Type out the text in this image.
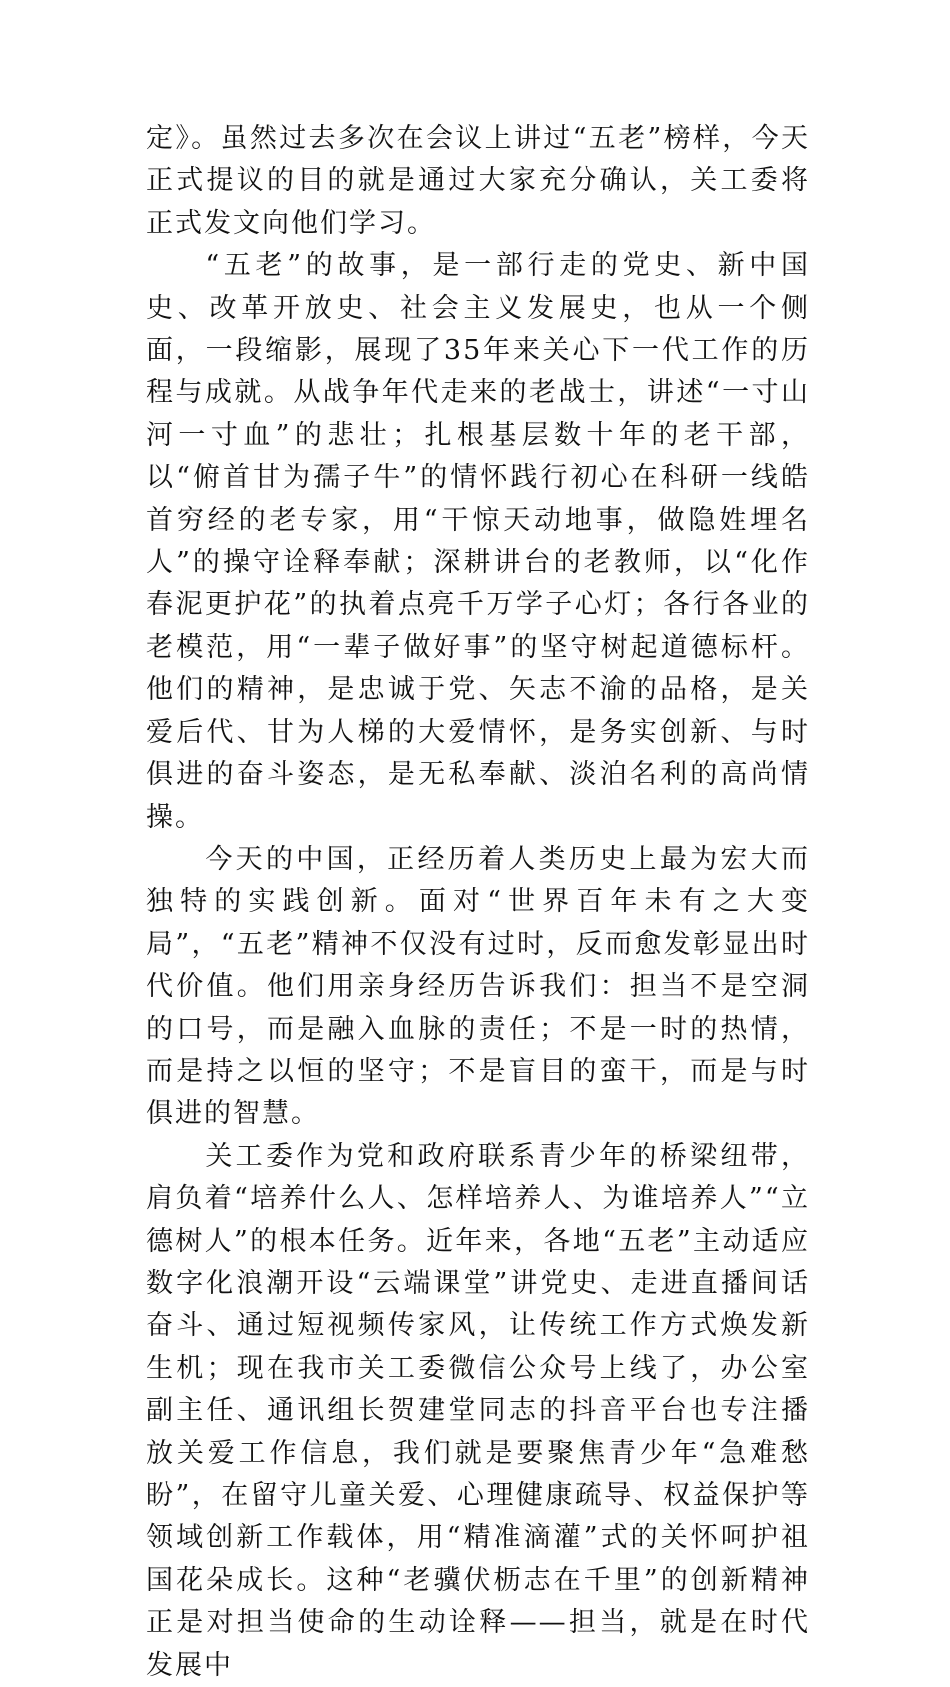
定》。虽然过去多次在会议上讲过“五老”榜样，今天正式提议的目的就是通过大家充分确认，关工委将正式发文向他们学习。

“五老”的故事，是一部行走的党史、新中国史、改革开放史、社会主义发展史，也从一个侧面，一段缩影，展现了35年来关心下一代工作的历程与成就。从战争年代走来的老战士，讲述“一寸山河一寸血”的悲壮；扎根基层数十年的老干部，以“俯首甘为孺子牛”的情怀践行初心在科研一线皓首穷经的老专家，用“干惊天动地事，做隐姓埋名人”的操守诠释奉献；深耕讲台的老教师，以“化作春泥更护花”的执着点亮千万学子心灯；各行各业的老模范，用“一辈子做好事”的坚守树起道德标杆。他们的精神，是忠诚于党、矢志不渝的品格，是关爱后代、甘为人梯的大爱情怀，是务实创新、与时俱进的奋斗姿态，是无私奉献、淡泊名利的高尚情操。

今天的中国，正经历着人类历史上最为宏大而独特的实践创新。面对“世界百年未有之大变局”，“五老”精神不仅没有过时，反而愈发彰显出时代价值。他们用亲身经历告诉我们：担当不是空洞的口号，而是融入血脉的责任；不是一时的热情，而是持之以恒的坚守；不是盲目的蛮干，而是与时俱进的智慧。

关工委作为党和政府联系青少年的桥梁纽带，肩负着“培养什么人、怎样培养人、为谁培养人”“立德树人”的根本任务。近年来，各地“五老”主动适应数字化浪潮开设“云端课堂”讲党史、走进直播间话奋斗、通过短视频传家风，让传统工作方式焕发新生机；现在我市关工委微信公众号上线了，办公室副主任、通讯组长贺建堂同志的抖音平台也专注播放关爱工作信息，我们就是要聚焦青少年“急难愁盼”，在留守儿童关爱、心理健康疏导、权益保护等领域创新工作载体，用“精准滴灌”式的关怀呵护祖国花朵成长。这种“老骥伏枥志在千里”的创新精神正是对担当使命的生动诠释——担当，就是在时代发展中
